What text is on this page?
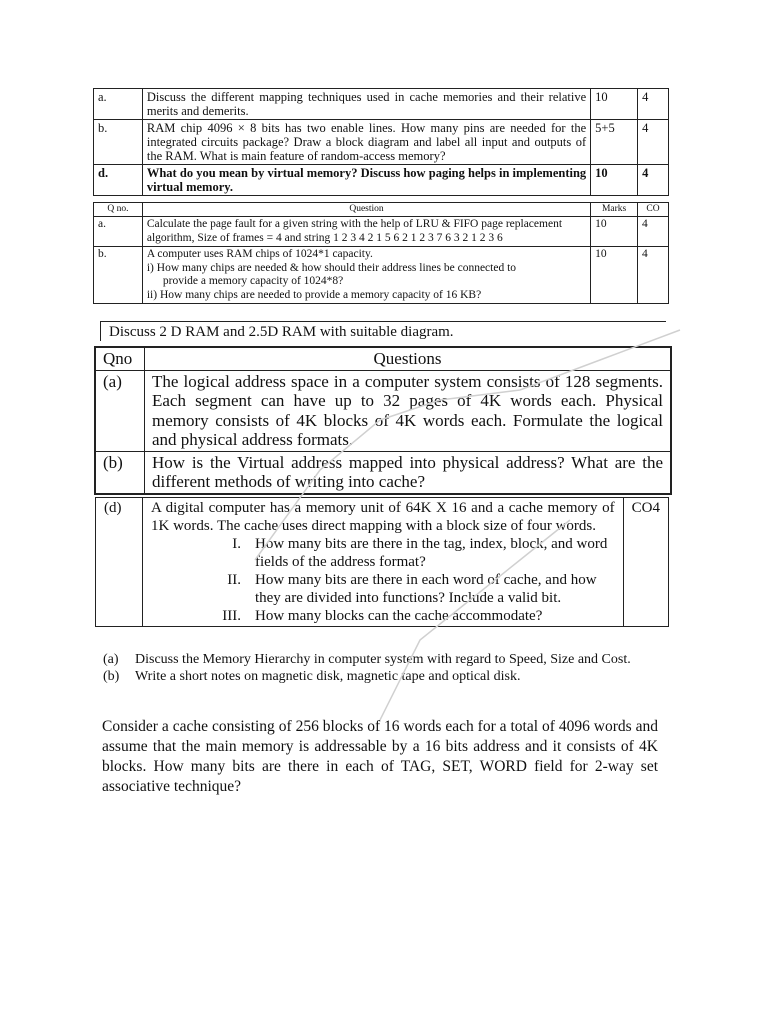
a.	Discuss the different mapping techniques used in cache memories and their relative merits and demerits.	10	4
b.	RAM chip 4096 × 8 bits has two enable lines. How many pins are needed for the integrated circuits package? Draw a block diagram and label all input and outputs of the RAM. What is main feature of random-access memory?	5+5	4
d.	What do you mean by virtual memory? Discuss how paging helps in implementing virtual memory.	10	4
Q no.	Question	Marks	CO
a.	Calculate the page fault for a given string with the help of LRU & FIFO page replacement algorithm, Size of frames = 4 and string 1 2 3 4 2 1 5 6 2 1 2 3 7 6 3 2 1 2 3 6	10	4
b.	A computer uses RAM chips of 1024*1 capacity.
i) How many chips are needed & how should their address lines be connected to
provide a memory capacity of 1024*8?
ii) How many chips are needed to provide a memory capacity of 16 KB?	10	4
Discuss 2 D RAM and 2.5D RAM with suitable diagram.
Qno	Questions
(a)	The logical address space in a computer system consists of 128 segments. Each segment can have up to 32 pages of 4K words each. Physical memory consists of 4K blocks of 4K words each. Formulate the logical and physical address formats.
(b)	How is the Virtual address mapped into physical address? What are the different methods of writing into cache?
(d)	A digital computer has a memory unit of 64K X 16 and a cache memory of 1K words. The cache uses direct mapping with a block size of four words.
I. How many bits are there in the tag, index, block, and word fields of the address format?
II. How many bits are there in each word of cache, and how they are divided into functions? Include a valid bit.
III. How many blocks can the cache accommodate?
	CO4
(a)	Discuss the Memory Hierarchy in computer system with regard to Speed, Size and Cost.
(b)	Write a short notes on magnetic disk, magnetic tape and optical disk.
Consider a cache consisting of 256 blocks of 16 words each for a total of 4096 words and assume that the main memory is addressable by a 16 bits address and it consists of 4K blocks. How many bits are there in each of TAG, SET, WORD field for 2-way set associative technique?
